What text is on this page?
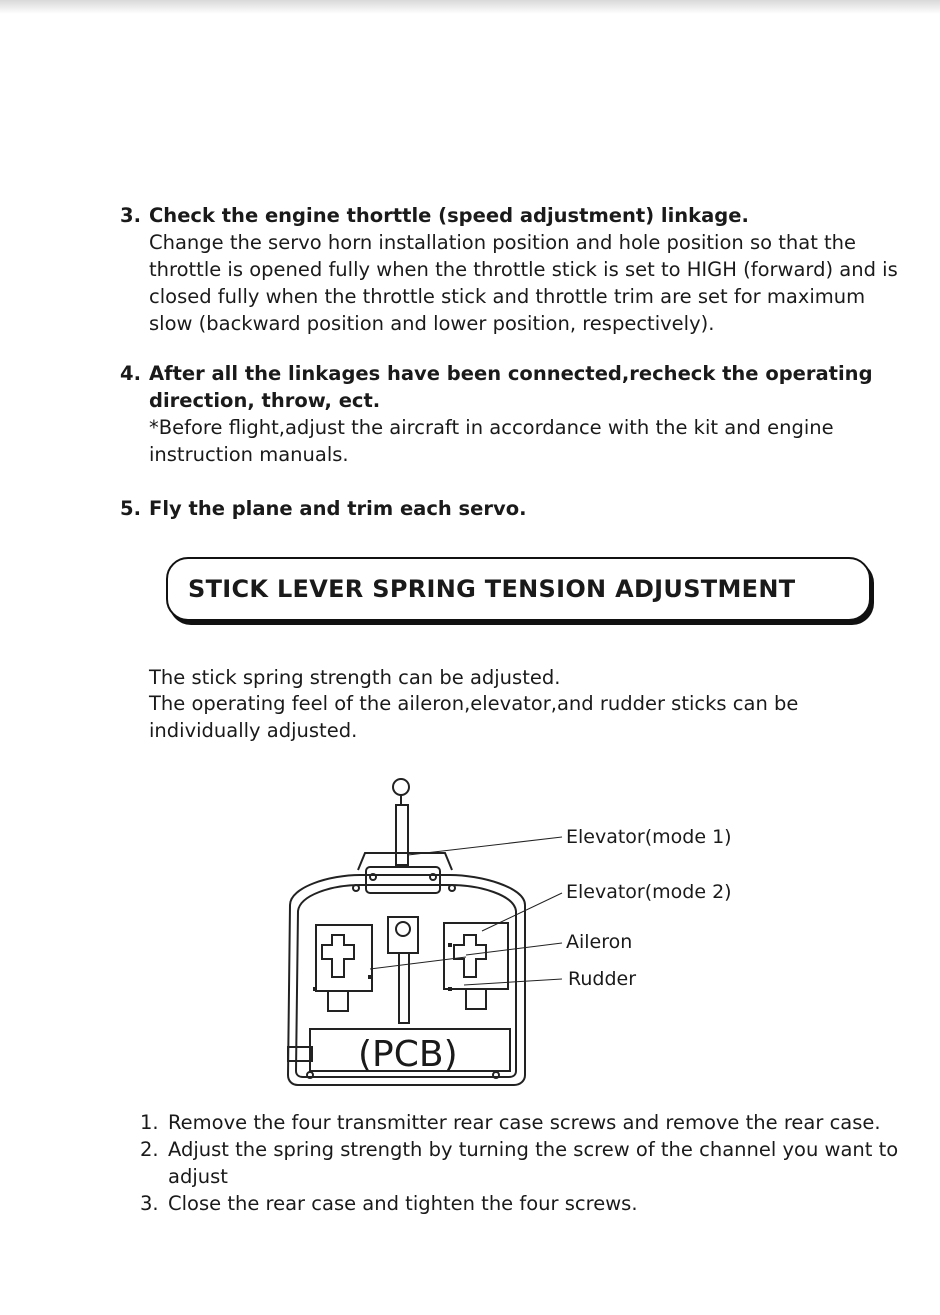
3. Check the engine thorttle (speed adjustment) linkage.
Change the servo horn installation position and hole position so that the throttle is opened fully when the throttle stick is set to HIGH (forward) and is closed fully when the throttle stick and throttle trim are set for maximum slow (backward position and lower position, respectively).
4. After all the linkages have been connected,recheck the operating direction, throw, ect.
*Before flight,adjust the aircraft in accordance with the kit and engine instruction manuals.
5. Fly the plane and trim each servo.
STICK LEVER SPRING TENSION ADJUSTMENT
The stick spring strength can be adjusted.
The operating feel of the aileron,elevator,and rudder sticks can be individually adjusted.
Elevator(mode 1)
Elevator(mode 2)
Aileron
Rudder
(PCB)
1. Remove the four transmitter rear case screws and remove the rear case.
2. Adjust the spring strength by turning the screw of the channel you want to adjust
3. Close the rear case and tighten the four screws.
